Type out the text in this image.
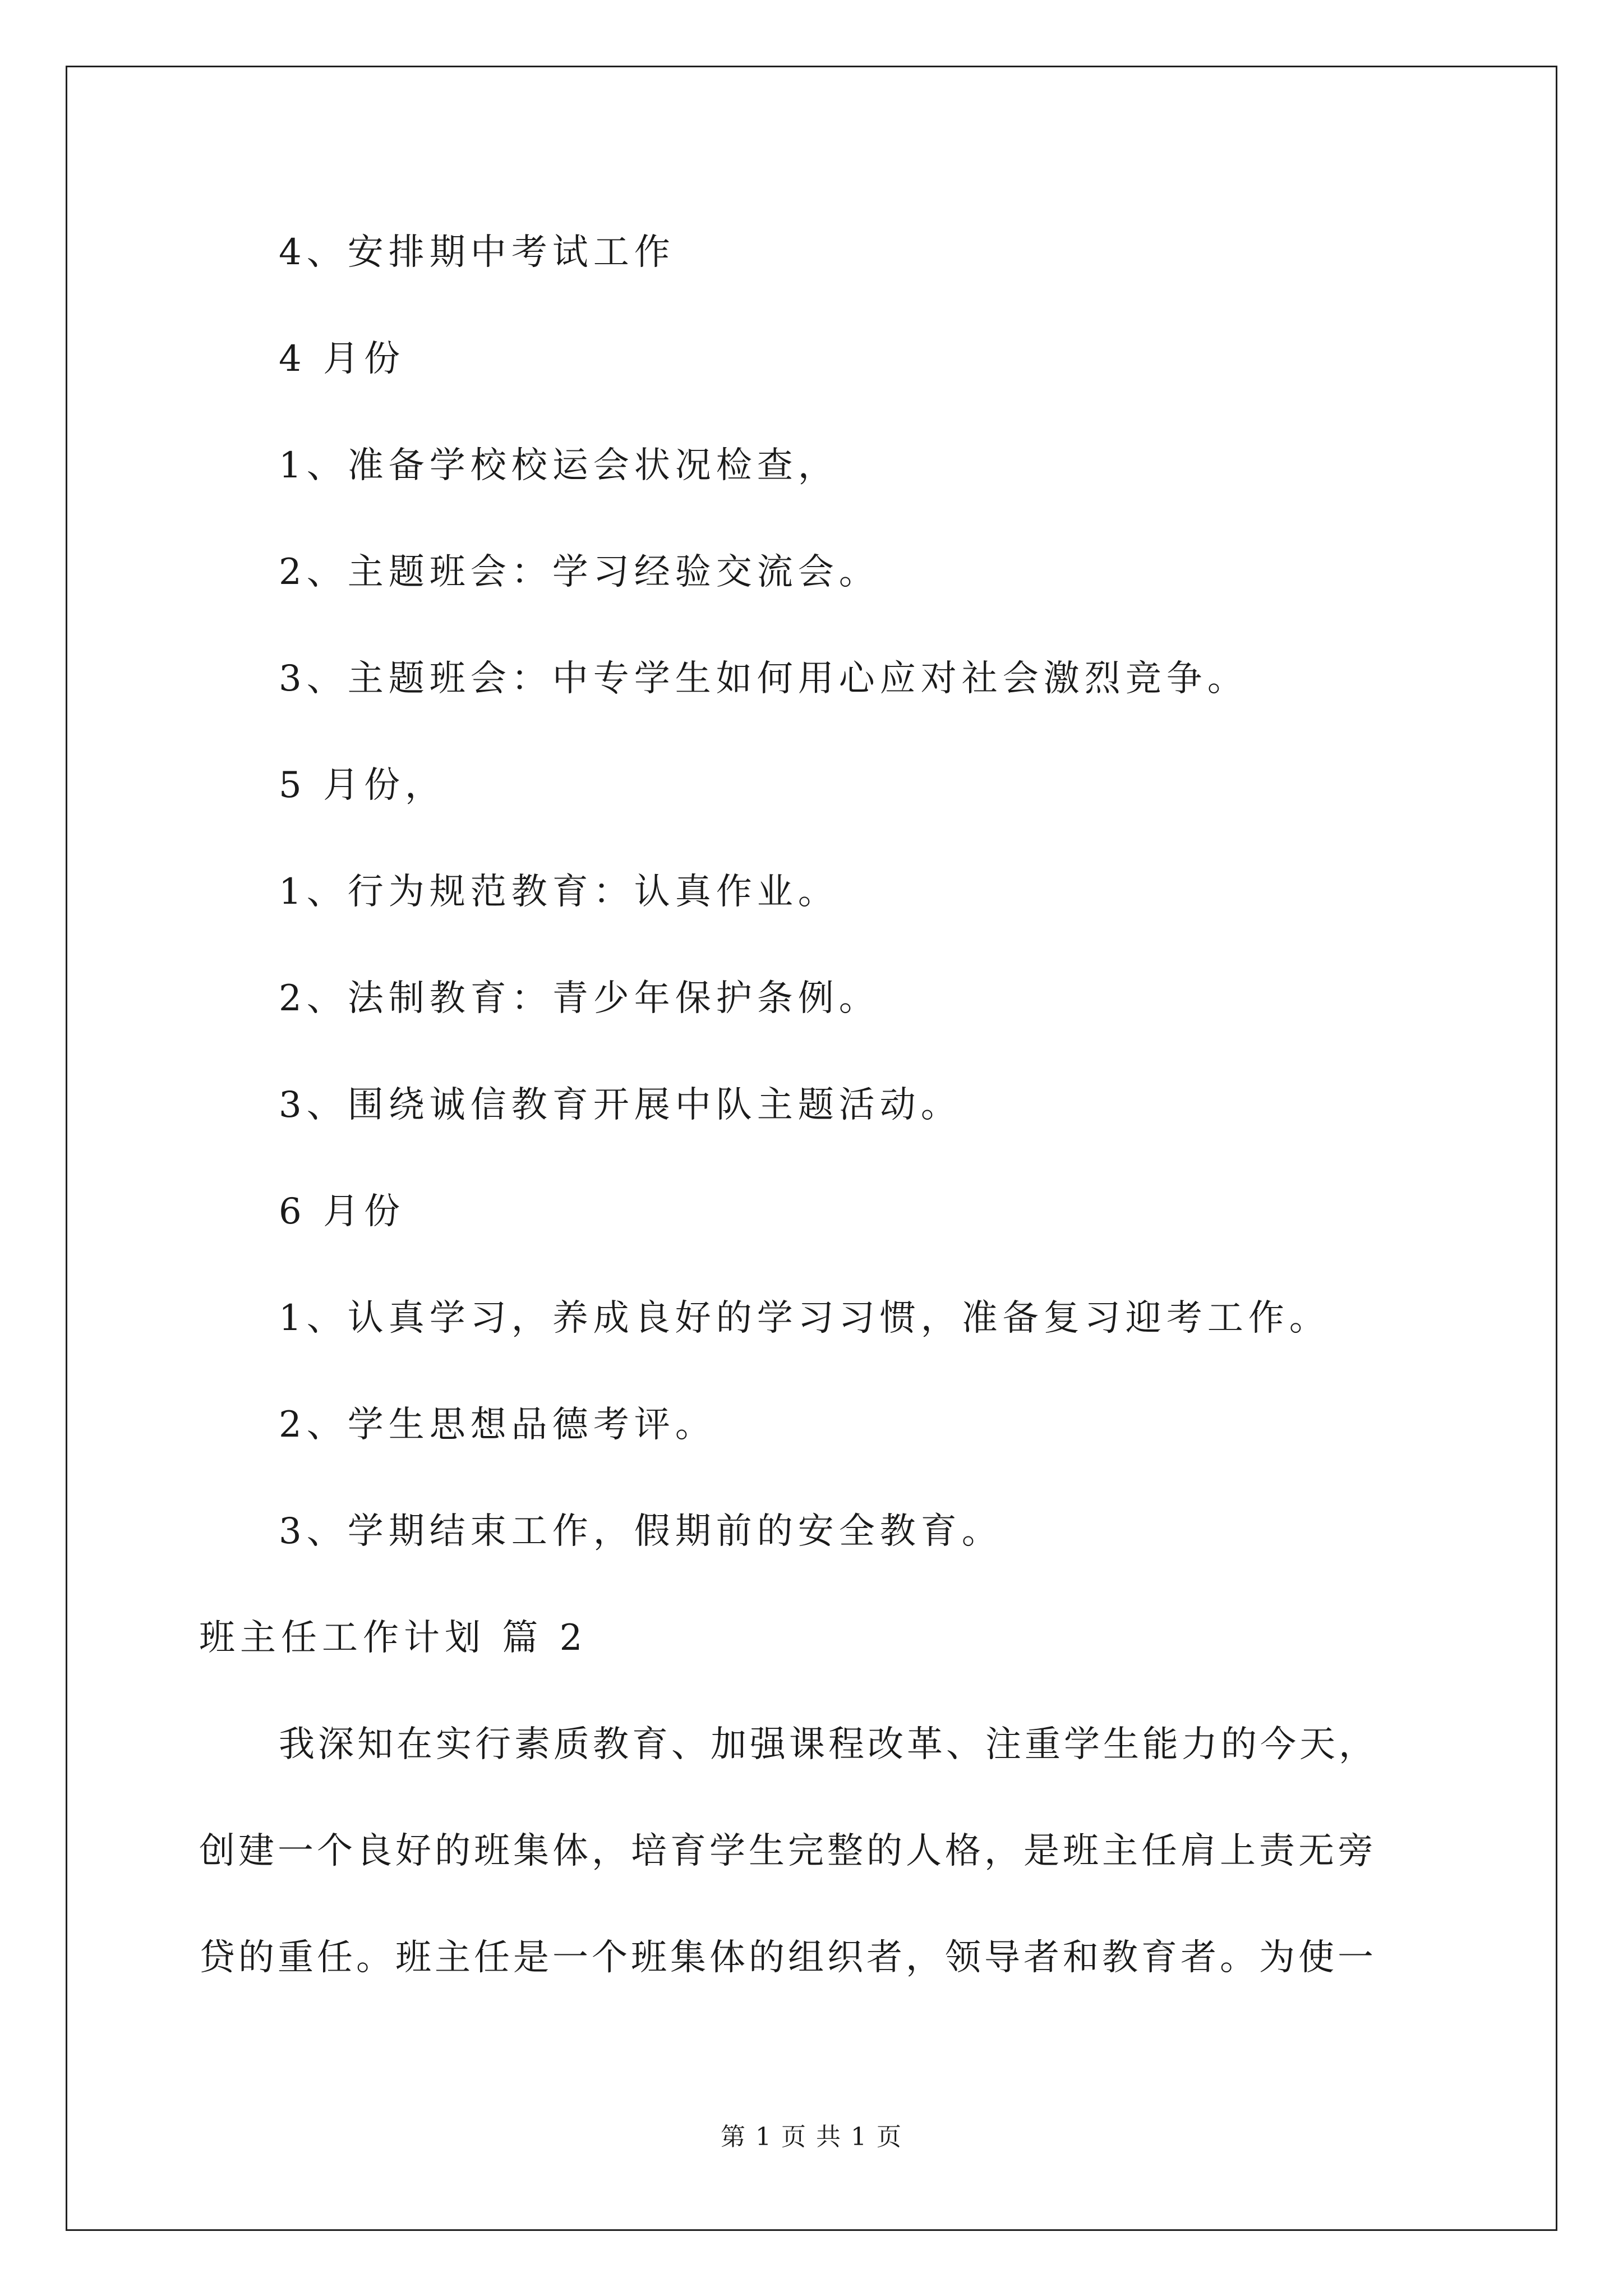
4、安排期中考试工作
4 月份
1、准备学校校运会状况检查，
2、主题班会：学习经验交流会。
3、主题班会：中专学生如何用心应对社会激烈竞争。
5 月份，
1、行为规范教育：认真作业。
2、法制教育：青少年保护条例。
3、围绕诚信教育开展中队主题活动。
6 月份
1、认真学习，养成良好的学习习惯，准备复习迎考工作。
2、学生思想品德考评。
3、学期结束工作，假期前的安全教育。
班主任工作计划 篇 2
我深知在实行素质教育、加强课程改革、注重学生能力的今天，
创建一个良好的班集体，培育学生完整的人格，是班主任肩上责无旁
贷的重任。班主任是一个班集体的组织者，领导者和教育者。为使一
第 1 页 共 1 页
